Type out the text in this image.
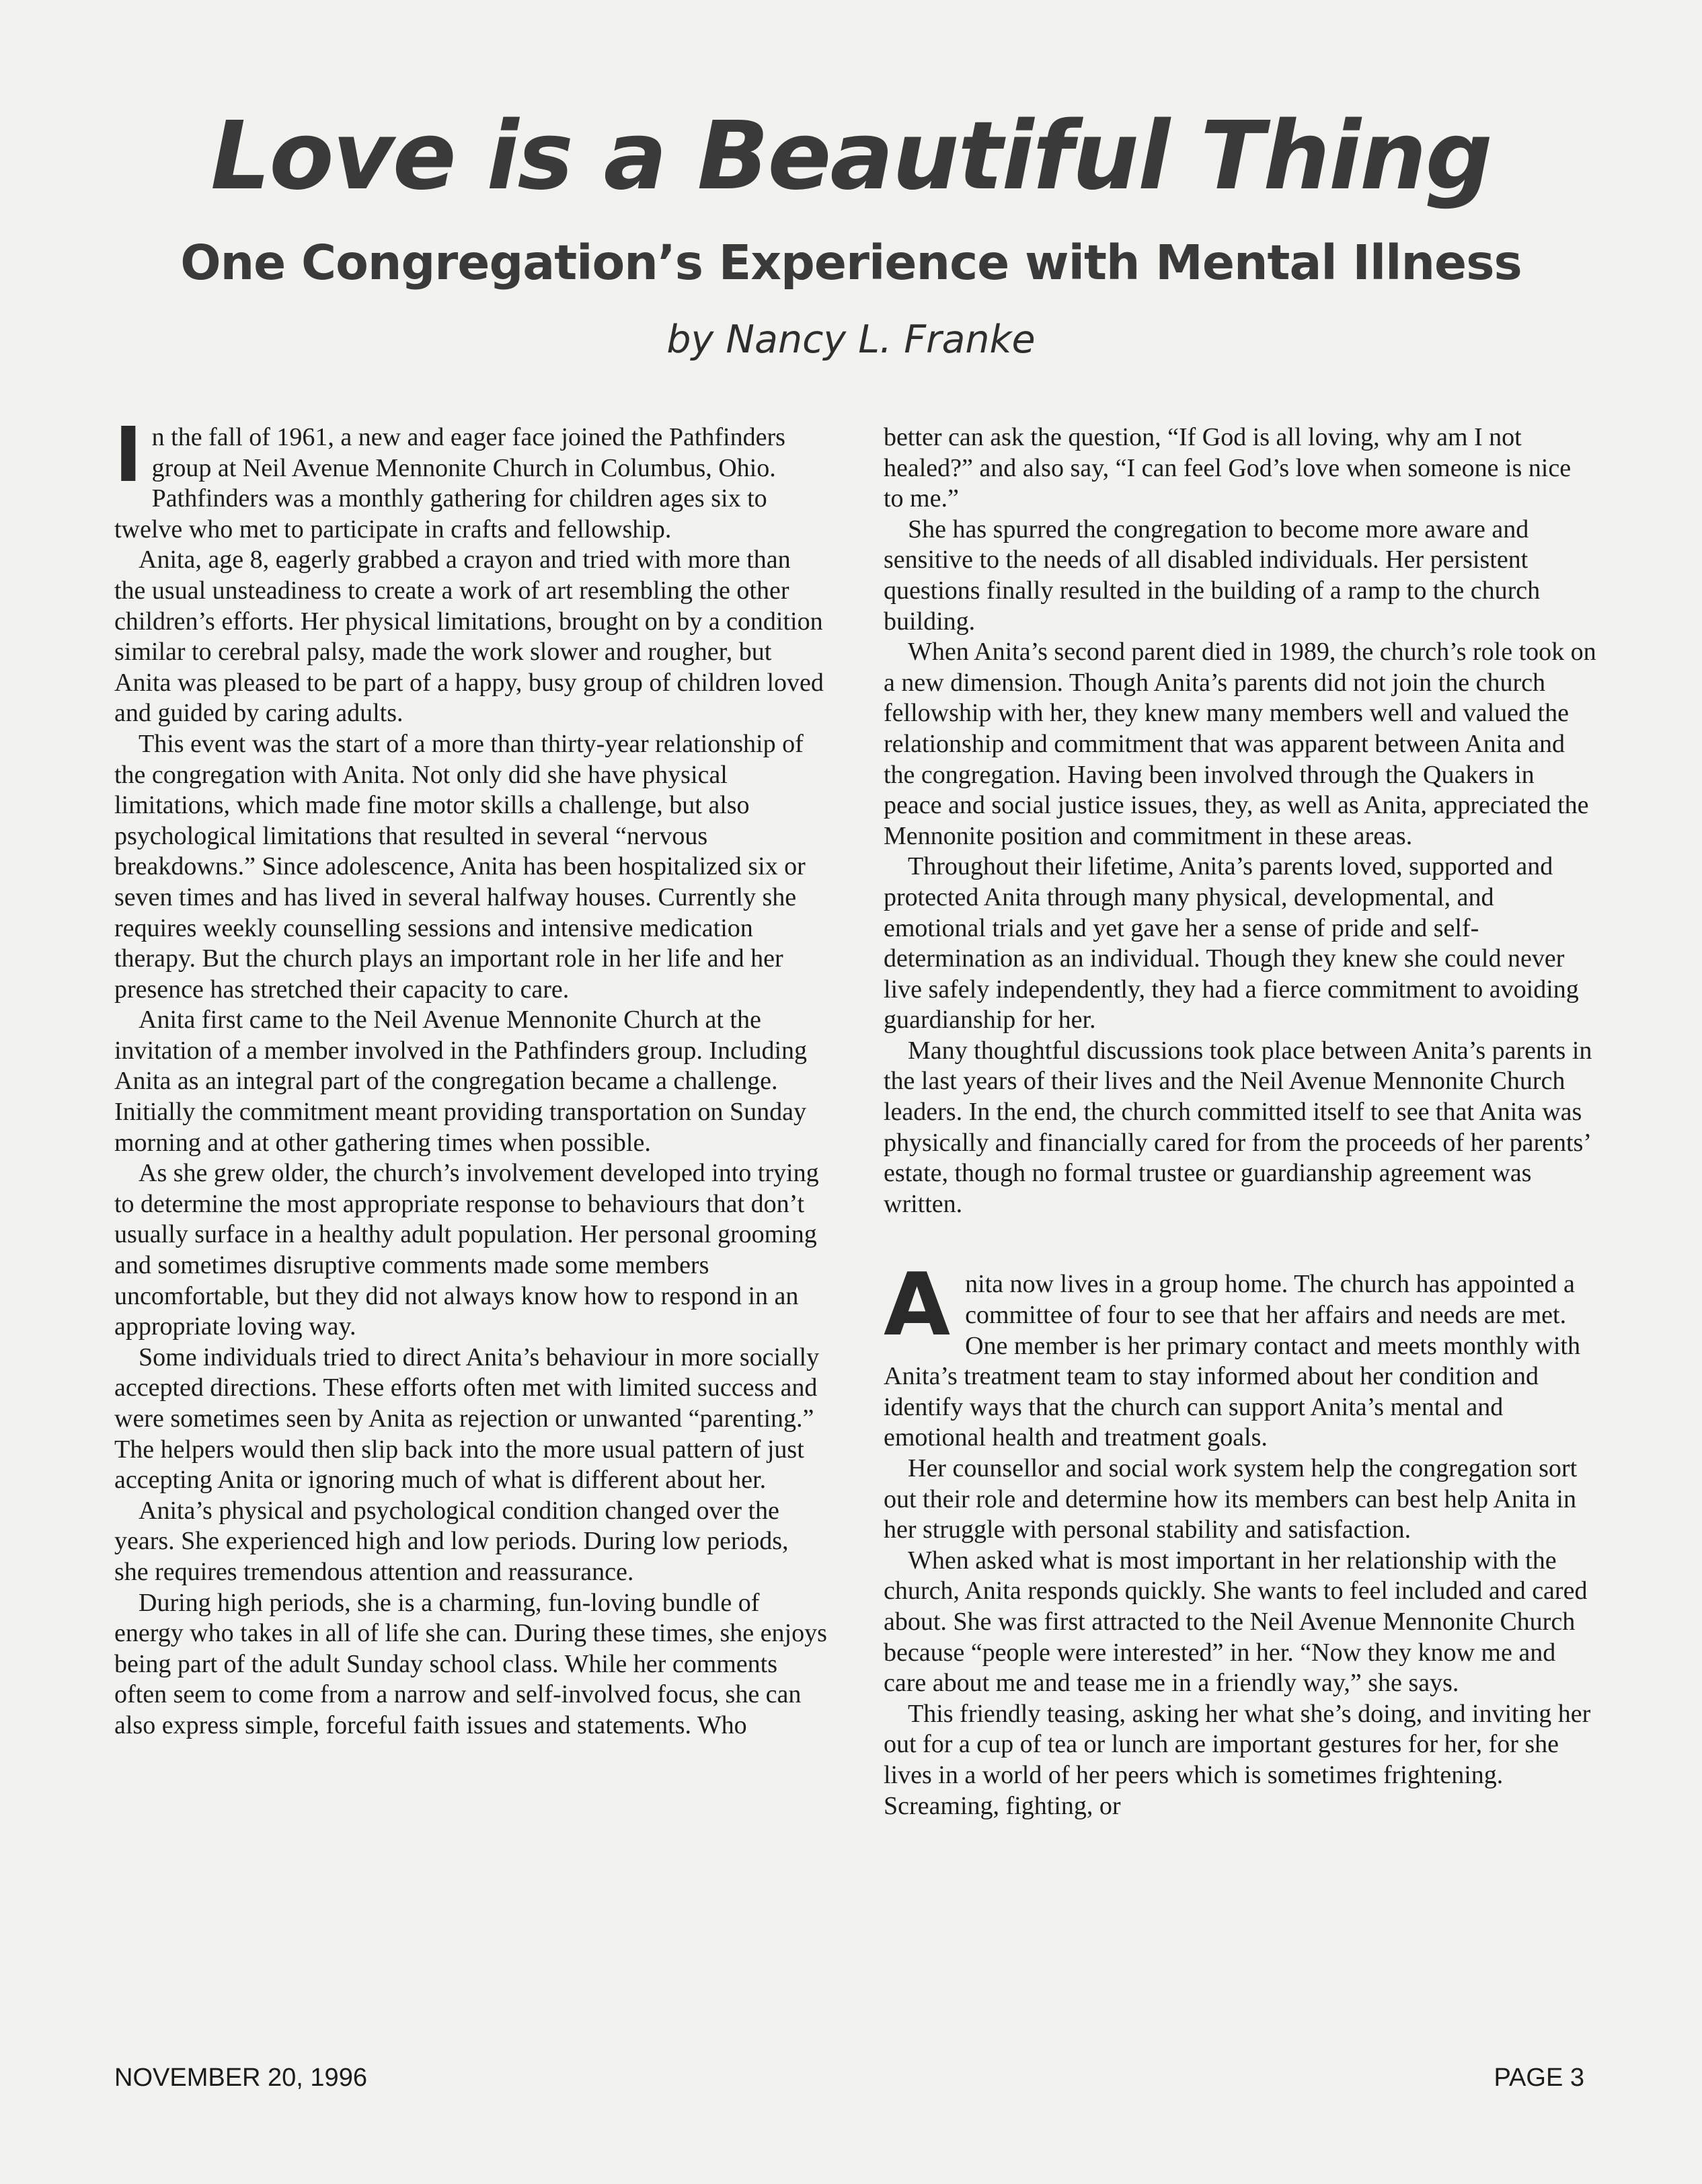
Love is a Beautiful Thing
One Congregation’s Experience with Mental Illness
by Nancy L. Franke

In the fall of 1961, a new and eager face joined the Pathfinders group at Neil Avenue Mennonite Church in Columbus, Ohio. Pathfinders was a monthly gathering for children ages six to twelve who met to participate in crafts and fellowship.

Anita, age 8, eagerly grabbed a crayon and tried with more than the usual unsteadiness to create a work of art resembling the other children’s efforts. Her physical limitations, brought on by a condition similar to cerebral palsy, made the work slower and rougher, but Anita was pleased to be part of a happy, busy group of children loved and guided by caring adults.

This event was the start of a more than thirty-year relationship of the congregation with Anita. Not only did she have physical limitations, which made fine motor skills a challenge, but also psychological limitations that resulted in several “nervous breakdowns.” Since adolescence, Anita has been hospitalized six or seven times and has lived in several halfway houses. Currently she requires weekly counselling sessions and intensive medication therapy. But the church plays an important role in her life and her presence has stretched their capacity to care.

Anita first came to the Neil Avenue Mennonite Church at the invitation of a member involved in the Pathfinders group. Including Anita as an integral part of the congregation became a challenge. Initially the commitment meant providing transportation on Sunday morning and at other gathering times when possible.

As she grew older, the church’s involvement developed into trying to determine the most appropriate response to behaviours that don’t usually surface in a healthy adult population. Her personal grooming and sometimes disruptive comments made some members uncomfortable, but they did not always know how to respond in an appropriate loving way.

Some individuals tried to direct Anita’s behaviour in more socially accepted directions. These efforts often met with limited success and were sometimes seen by Anita as rejection or unwanted “parenting.” The helpers would then slip back into the more usual pattern of just accepting Anita or ignoring much of what is different about her.

Anita’s physical and psychological condition changed over the years. She experienced high and low periods. During low periods, she requires tremendous attention and reassurance.

During high periods, she is a charming, fun-loving bundle of energy who takes in all of life she can. During these times, she enjoys being part of the adult Sunday school class. While her comments often seem to come from a narrow and self-involved focus, she can also express simple, forceful faith issues and statements. Who

better can ask the question, “If God is all loving, why am I not healed?” and also say, “I can feel God’s love when someone is nice to me.”

She has spurred the congregation to become more aware and sensitive to the needs of all disabled individuals. Her persistent questions finally resulted in the building of a ramp to the church building.

When Anita’s second parent died in 1989, the church’s role took on a new dimension. Though Anita’s parents did not join the church fellowship with her, they knew many members well and valued the relationship and commitment that was apparent between Anita and the congregation. Having been involved through the Quakers in peace and social justice issues, they, as well as Anita, appreciated the Mennonite position and commitment in these areas.

Throughout their lifetime, Anita’s parents loved, supported and protected Anita through many physical, developmental, and emotional trials and yet gave her a sense of pride and self-determination as an individual. Though they knew she could never live safely independently, they had a fierce commitment to avoiding guardianship for her.

Many thoughtful discussions took place between Anita’s parents in the last years of their lives and the Neil Avenue Mennonite Church leaders. In the end, the church committed itself to see that Anita was physically and financially cared for from the proceeds of her parents’ estate, though no formal trustee or guardianship agreement was written.

Anita now lives in a group home. The church has appointed a committee of four to see that her affairs and needs are met. One member is her primary contact and meets monthly with Anita’s treatment team to stay informed about her condition and identify ways that the church can support Anita’s mental and emotional health and treatment goals.

Her counsellor and social work system help the congregation sort out their role and determine how its members can best help Anita in her struggle with personal stability and satisfaction.

When asked what is most important in her relationship with the church, Anita responds quickly. She wants to feel included and cared about. She was first attracted to the Neil Avenue Mennonite Church because “people were interested” in her. “Now they know me and care about me and tease me in a friendly way,” she says.

This friendly teasing, asking her what she’s doing, and inviting her out for a cup of tea or lunch are important gestures for her, for she lives in a world of her peers which is sometimes frightening. Screaming, fighting, or

NOVEMBER 20, 1996	PAGE 3
